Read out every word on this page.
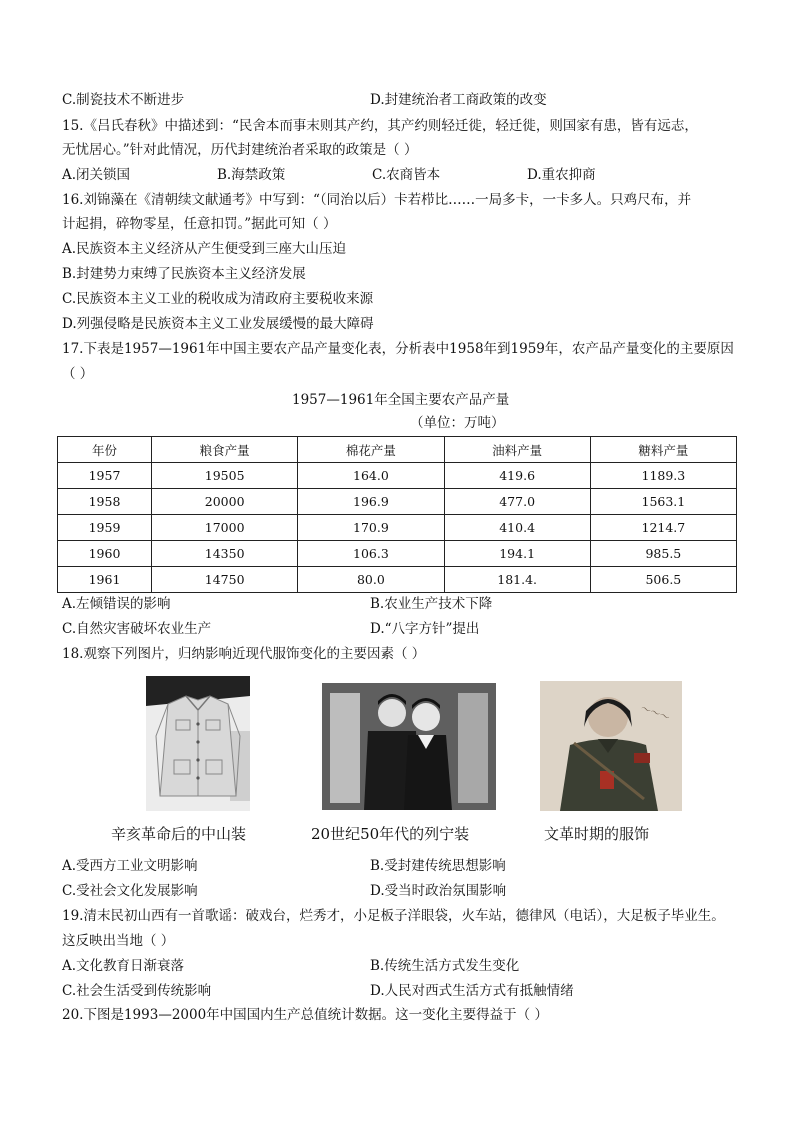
C.制瓷技术不断进步	D.封建统治者工商政策的改变
15.《吕氏春秋》中描述到：“民舍本而事末则其产约，其产约则轻迁徙，轻迁徙，则国家有患，皆有远志，
无忧居心。”针对此情况，历代封建统治者采取的政策是（ ）
A.闭关锁国	B.海禁政策	C.农商皆本	D.重农抑商
16.刘锦藻在《清朝续文献通考》中写到：“（同治以后）卡若栉比……一局多卡，一卡多人。只鸡尺布，并
计起捐，碎物零星，任意扣罚。”据此可知（ ）
A.民族资本主义经济从产生便受到三座大山压迫
B.封建势力束缚了民族资本主义经济发展
C.民族资本主义工业的税收成为清政府主要税收来源
D.列强侵略是民族资本主义工业发展缓慢的最大障碍
17.下表是1957—1961年中国主要农产品产量变化表，分析表中1958年到1959年，农产品产量变化的主要原因
（ ）
1957—1961年全国主要农产品产量
（单位：万吨）
年份	粮食产量	棉花产量	油料产量	糖料产量
1957	19505	164.0	419.6	1189.3
1958	20000	196.9	477.0	1563.1
1959	17000	170.9	410.4	1214.7
1960	14350	106.3	194.1	985.5
1961	14750	80.0	181.4.	506.5
A.左倾错误的影响	B.农业生产技术下降
C.自然灾害破坏农业生产	D.“八字方针”提出
18.观察下列图片，归纳影响近现代服饰变化的主要因素（ ）
～～～
辛亥革命后的中山装	20世纪50年代的列宁装	文革时期的服饰
A.受西方工业文明影响	B.受封建传统思想影响
C.受社会文化发展影响	D.受当时政治氛围影响
19.清末民初山西有一首歌谣：破戏台，烂秀才，小足板子洋眼袋，火车站，德律风（电话），大足板子毕业生。
这反映出当地（ ）
A.文化教育日渐衰落	B.传统生活方式发生变化
C.社会生活受到传统影响	D.人民对西式生活方式有抵触情绪
20.下图是1993—2000年中国国内生产总值统计数据。这一变化主要得益于（ ）
